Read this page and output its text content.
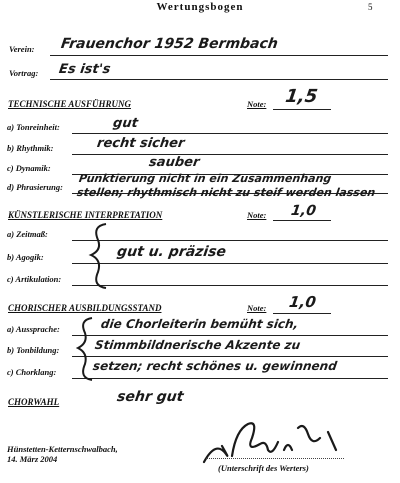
Wertungsbogen	5
Verein: Frauenchor 1952 Bermbach
Vortrag: Es ist's
TECHNISCHE AUSFÜHRUNG	Note: 1,5
a) Tonreinheit:	gut
b) Rhythmik:	recht sicher
c) Dynamik:	sauber
d) Phrasierung:
Punktierung nicht in ein Zusammenhang stellen; rhythmisch nicht zu steif werden lassen
KÜNSTLERISCHE INTERPRETATION	Note: 1,0
a) Zeitmaß:
b) Agogik:
c) Artikulation:
gut u. präzise
CHORISCHER AUSBILDUNGSSTAND	Note: 1,0
a) Aussprache:
b) Tonbildung:
c) Chorklang:
die Chorleiterin bemüht sich,
Stimmbildnerische Akzente zu
setzen; recht schönes u. gewinnend
CHORWAHL	sehr gut
Hünstetten-Ketternschwalbach,
14. März 2004
(Unterschrift des Werters)
